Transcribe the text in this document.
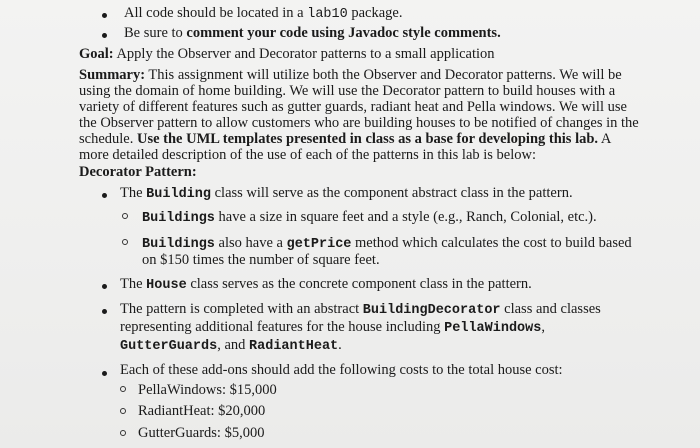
All code should be located in a lab10 package.
Be sure to comment your code using Javadoc style comments.
Goal: Apply the Observer and Decorator patterns to a small application
Summary: This assignment will utilize both the Observer and Decorator patterns. We will be
using the domain of home building. We will use the Decorator pattern to build houses with a
variety of different features such as gutter guards, radiant heat and Pella windows. We will use
the Observer pattern to allow customers who are building houses to be notified of changes in the
schedule. Use the UML templates presented in class as a base for developing this lab. A
more detailed description of the use of each of the patterns in this lab is below:
Decorator Pattern:
The Building class will serve as the component abstract class in the pattern.
Buildings have a size in square feet and a style (e.g., Ranch, Colonial, etc.).
Buildings also have a getPrice method which calculates the cost to build based
on $150 times the number of square feet.
The House class serves as the concrete component class in the pattern.
The pattern is completed with an abstract BuildingDecorator class and classes
representing additional features for the house including PellaWindows,
GutterGuards, and RadiantHeat.
Each of these add-ons should add the following costs to the total house cost:
PellaWindows: $15,000
RadiantHeat: $20,000
GutterGuards: $5,000
